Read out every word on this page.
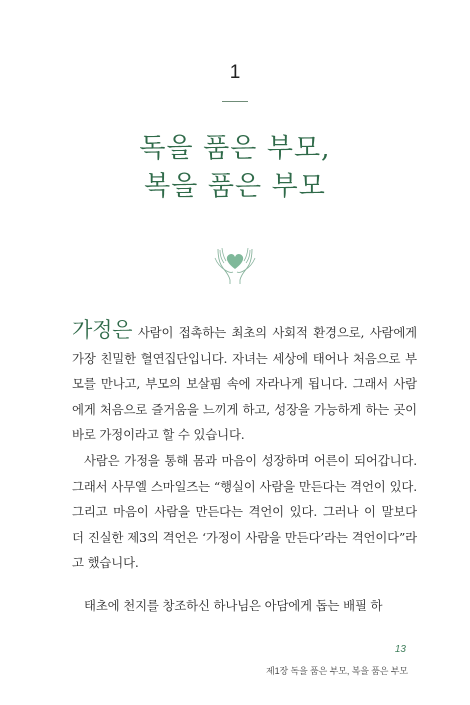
1
독을 품은 부모,
복을 품은 부모

가정은 사람이 접촉하는 최초의 사회적 환경으로, 사람에게 가장 친밀한 혈연집단입니다. 자녀는 세상에 태어나 처음으로 부모를 만나고, 부모의 보살핌 속에 자라나게 됩니다. 그래서 사람에게 처음으로 즐거움을 느끼게 하고, 성장을 가능하게 하는 곳이 바로 가정이라고 할 수 있습니다.

사람은 가정을 통해 몸과 마음이 성장하며 어른이 되어갑니다. 그래서 사무엘 스마일즈는 “행실이 사람을 만든다는 격언이 있다. 그리고 마음이 사람을 만든다는 격언이 있다. 그러나 이 말보다 더 진실한 제3의 격언은 ‘가정이 사람을 만든다’라는 격언이다”라고 했습니다.

태초에 천지를 창조하신 하나님은 아담에게 돕는 배필 하

13
제1장 독을 품은 부모, 복을 품은 부모
